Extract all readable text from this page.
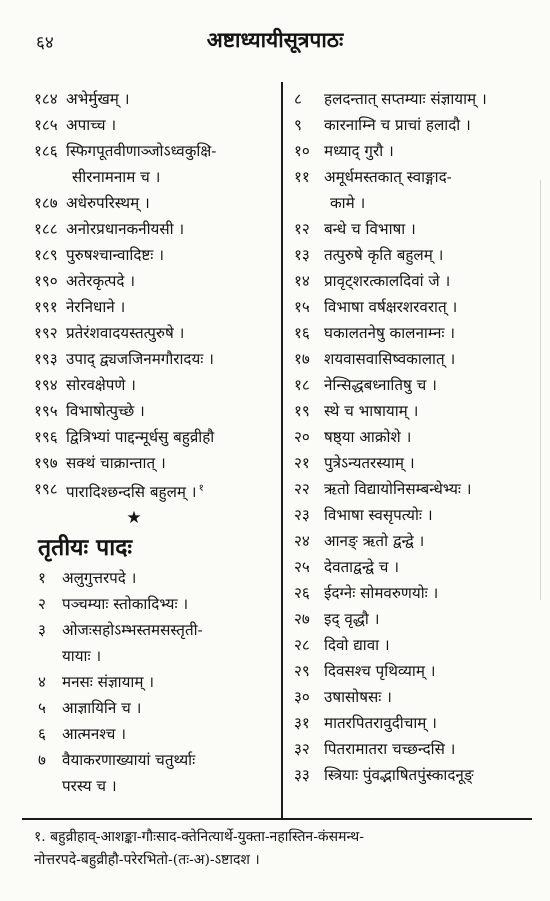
६४	अष्टाध्यायीसूत्रपाठः
१८४ अभेर्मुखम् ।
१८५ अपाच्च ।
१८६ स्फिगपूतवीणाञ्जोऽध्वकुक्षि-
सीरनामनाम च ।
१८७ अधेरुपरिस्थम् ।
१८८ अनोरप्रधानकनीयसी ।
१८९ पुरुषश्चान्वादिष्टः ।
१९० अतेरकृत्पदे ।
१९१ नेरनिधाने ।
१९२ प्रतेरंशवादयस्तत्पुरुषे ।
१९३ उपाद् द्व्यजजिनमगौरादयः ।
१९४ सोरवक्षेपणे ।
१९५ विभाषोत्पुच्छे ।
१९६ द्वित्रिभ्यां पाद्दन्मूर्धसु बहुव्रीहौ
१९७ सक्थं चाक्रान्तात् ।
१९८ पारादिश्छन्दसि बहुलम् । $^१$
★
तृतीयः पादः
१	अलुगुत्तरपदे ।
२	पञ्चम्याः स्तोकादिभ्यः ।
३	ओजःसहोऽम्भस्तमसस्तृती-
यायाः ।
४	मनसः संज्ञायाम् ।
५	आज्ञायिनि च ।
६	आत्मनश्च ।
७	वैयाकरणाख्यायां चतुर्थ्याः
परस्य च ।
८	हलदन्तात् सप्तम्याः संज्ञायाम् ।
९	कारनाम्नि च प्राचां हलादौ ।
१० मध्याद् गुरौ ।
११ अमूर्धमस्तकात् स्वाङ्गाद-
कामे ।
१२ बन्धे च विभाषा ।
१३ तत्पुरुषे कृति बहुलम् ।
१४ प्रावृट्शरत्कालदिवां जे ।
१५ विभाषा वर्षक्षरशरवरात् ।
१६ घकालतनेषु कालनाम्नः ।
१७ शयवासवासिष्वकालात् ।
१८ नेन्सिद्धबध्नातिषु च ।
१९ स्थे च भाषायाम् ।
२० षष्ठ्या आक्रोशे ।
२१ पुत्रेऽन्यतरस्याम् ।
२२ ऋतो विद्यायोनिसम्बन्धेभ्यः ।
२३ विभाषा स्वसृपत्योः ।
२४ आनङ् ऋतो द्वन्द्वे ।
२५ देवताद्वन्द्वे च ।
२६ ईदग्नेः सोमवरुणयोः ।
२७ इद् वृद्धौ ।
२८ दिवो द्यावा ।
२९ दिवसश्च पृथिव्याम् ।
३० उषासोषसः ।
३१ मातरपितरावुदीचाम् ।
३२ पितरामातरा चच्छन्दसि ।
३३ स्त्रियाः पुंवद्भाषितपुंस्कादनूङ्
१. बहुव्रीहाव्-आशङ्का-गौःसाद-क्तेनित्यार्थे-युक्ता-नहास्तिन-कंसमन्थ-
नोत्तरपदे-बहुव्रीहौ-परेरभितो-(तः-अ)-ऽष्टादश ।
